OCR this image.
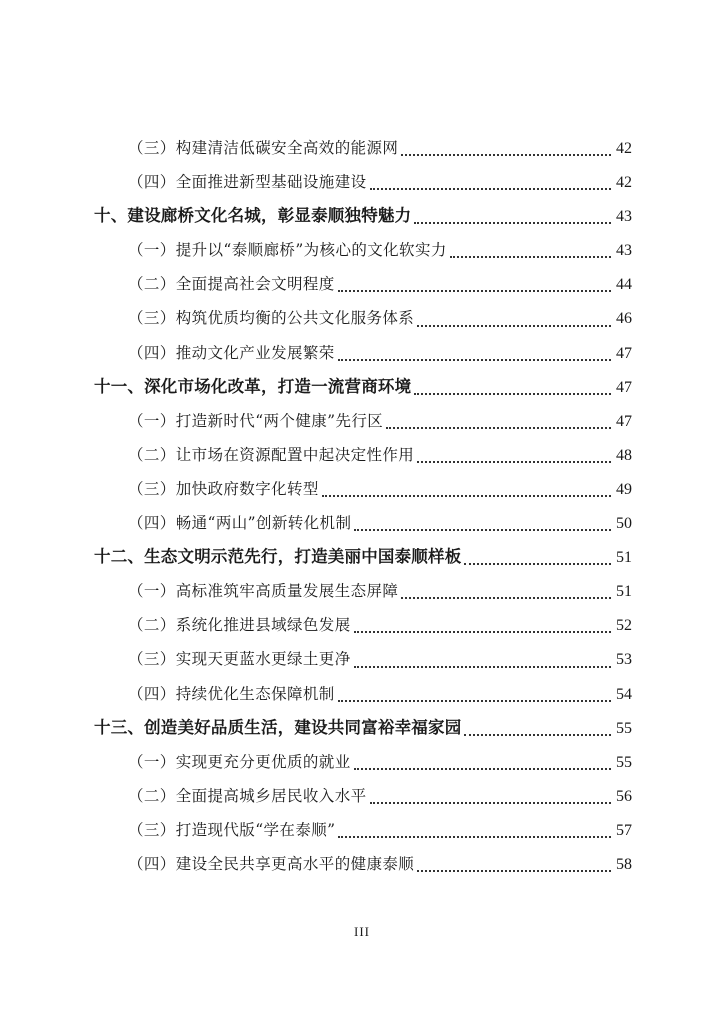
（三）构建清洁低碳安全高效的能源网	42
（四）全面推进新型基础设施建设	42
十、建设廊桥文化名城，彰显泰顺独特魅力	43
（一）提升以“泰顺廊桥”为核心的文化软实力	43
（二）全面提高社会文明程度	44
（三）构筑优质均衡的公共文化服务体系	46
（四）推动文化产业发展繁荣	47
十一、深化市场化改革，打造一流营商环境	47
（一）打造新时代“两个健康”先行区	47
（二）让市场在资源配置中起决定性作用	48
（三）加快政府数字化转型	49
（四）畅通“两山”创新转化机制	50
十二、生态文明示范先行，打造美丽中国泰顺样板	51
（一）高标准筑牢高质量发展生态屏障	51
（二）系统化推进县域绿色发展	52
（三）实现天更蓝水更绿土更净	53
（四）持续优化生态保障机制	54
十三、创造美好品质生活，建设共同富裕幸福家园	55
（一）实现更充分更优质的就业	55
（二）全面提高城乡居民收入水平	56
（三）打造现代版“学在泰顺”	57
（四）建设全民共享更高水平的健康泰顺	58
III
